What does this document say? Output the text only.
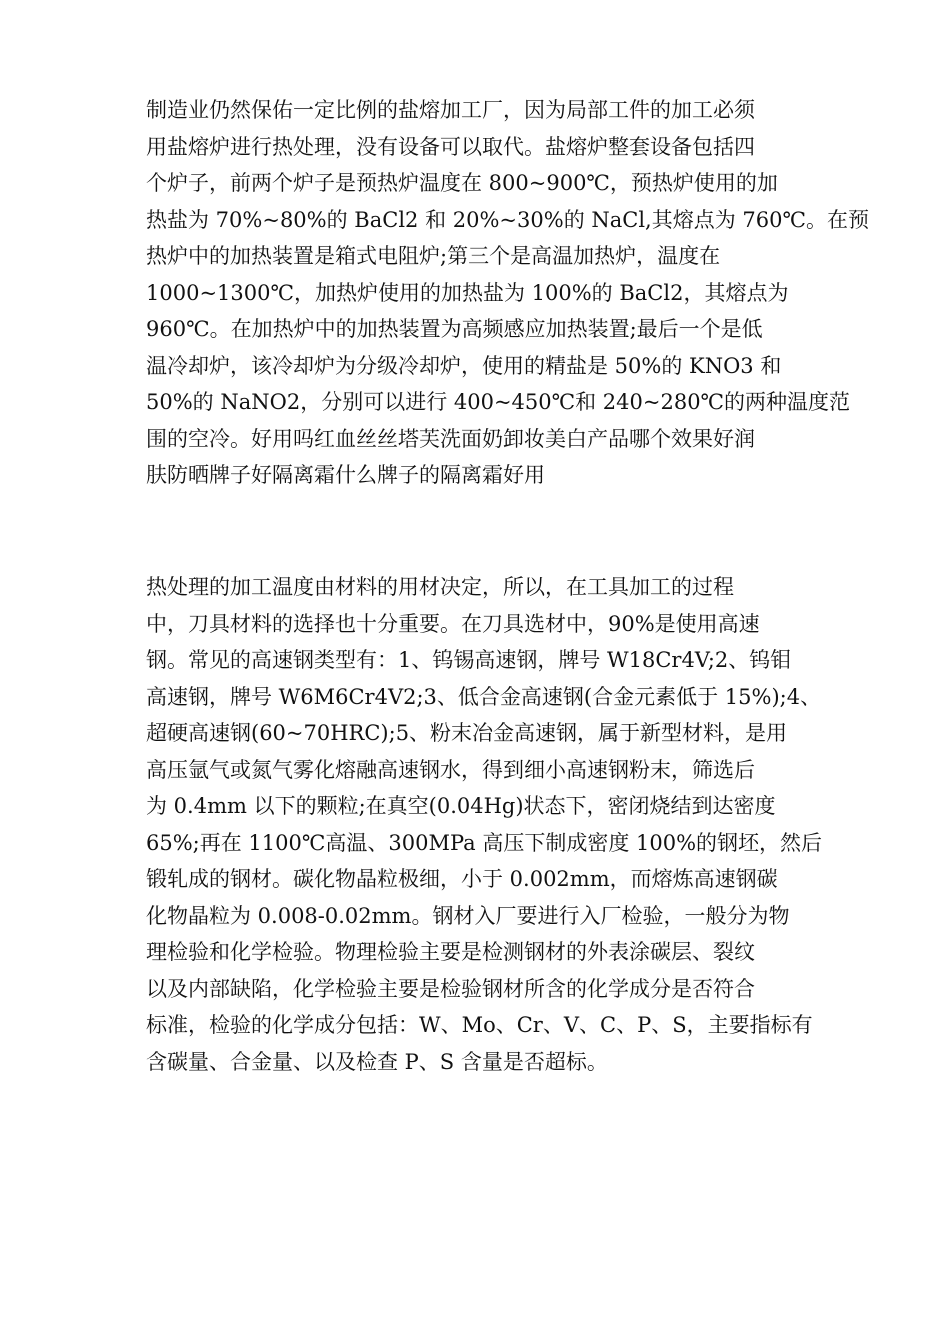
制造业仍然保佑一定比例的盐熔加工厂，因为局部工件的加工必须
用盐熔炉进行热处理，没有设备可以取代。盐熔炉整套设备包括四
个炉子，前两个炉子是预热炉温度在 800~900℃，预热炉使用的加
热盐为 70%~80%的 BaCl2 和 20%~30%的 NaCl,其熔点为 760℃。在预
热炉中的加热装置是箱式电阻炉;第三个是高温加热炉，温度在
1000~1300℃，加热炉使用的加热盐为 100%的 BaCl2，其熔点为
960℃。在加热炉中的加热装置为高频感应加热装置;最后一个是低
温冷却炉，该冷却炉为分级冷却炉，使用的精盐是 50%的 KNO3 和
50%的 NaNO2，分别可以进行 400~450℃和 240~280℃的两种温度范
围的空冷。好用吗红血丝丝塔芙洗面奶卸妆美白产品哪个效果好润
肤防晒牌子好隔离霜什么牌子的隔离霜好用
热处理的加工温度由材料的用材决定，所以，在工具加工的过程
中，刀具材料的选择也十分重要。在刀具选材中，90%是使用高速
钢。常见的高速钢类型有：1、钨锡高速钢，牌号 W18Cr4V;2、钨钼
高速钢，牌号 W6M6Cr4V2;3、低合金高速钢(合金元素低于 15%);4、
超硬高速钢(60~70HRC);5、粉末冶金高速钢，属于新型材料，是用
高压氩气或氮气雾化熔融高速钢水，得到细小高速钢粉末，筛选后
为 0.4mm 以下的颗粒;在真空(0.04Hg)状态下，密闭烧结到达密度
65%;再在 1100℃高温、300MPa 高压下制成密度 100%的钢坯，然后
锻轧成的钢材。碳化物晶粒极细，小于 0.002mm，而熔炼高速钢碳
化物晶粒为 0.008-0.02mm。钢材入厂要进行入厂检验，一般分为物
理检验和化学检验。物理检验主要是检测钢材的外表涂碳层、裂纹
以及内部缺陷，化学检验主要是检验钢材所含的化学成分是否符合
标准，检验的化学成分包括：W、Mo、Cr、V、C、P、S，主要指标有
含碳量、合金量、以及检查 P、S 含量是否超标。
